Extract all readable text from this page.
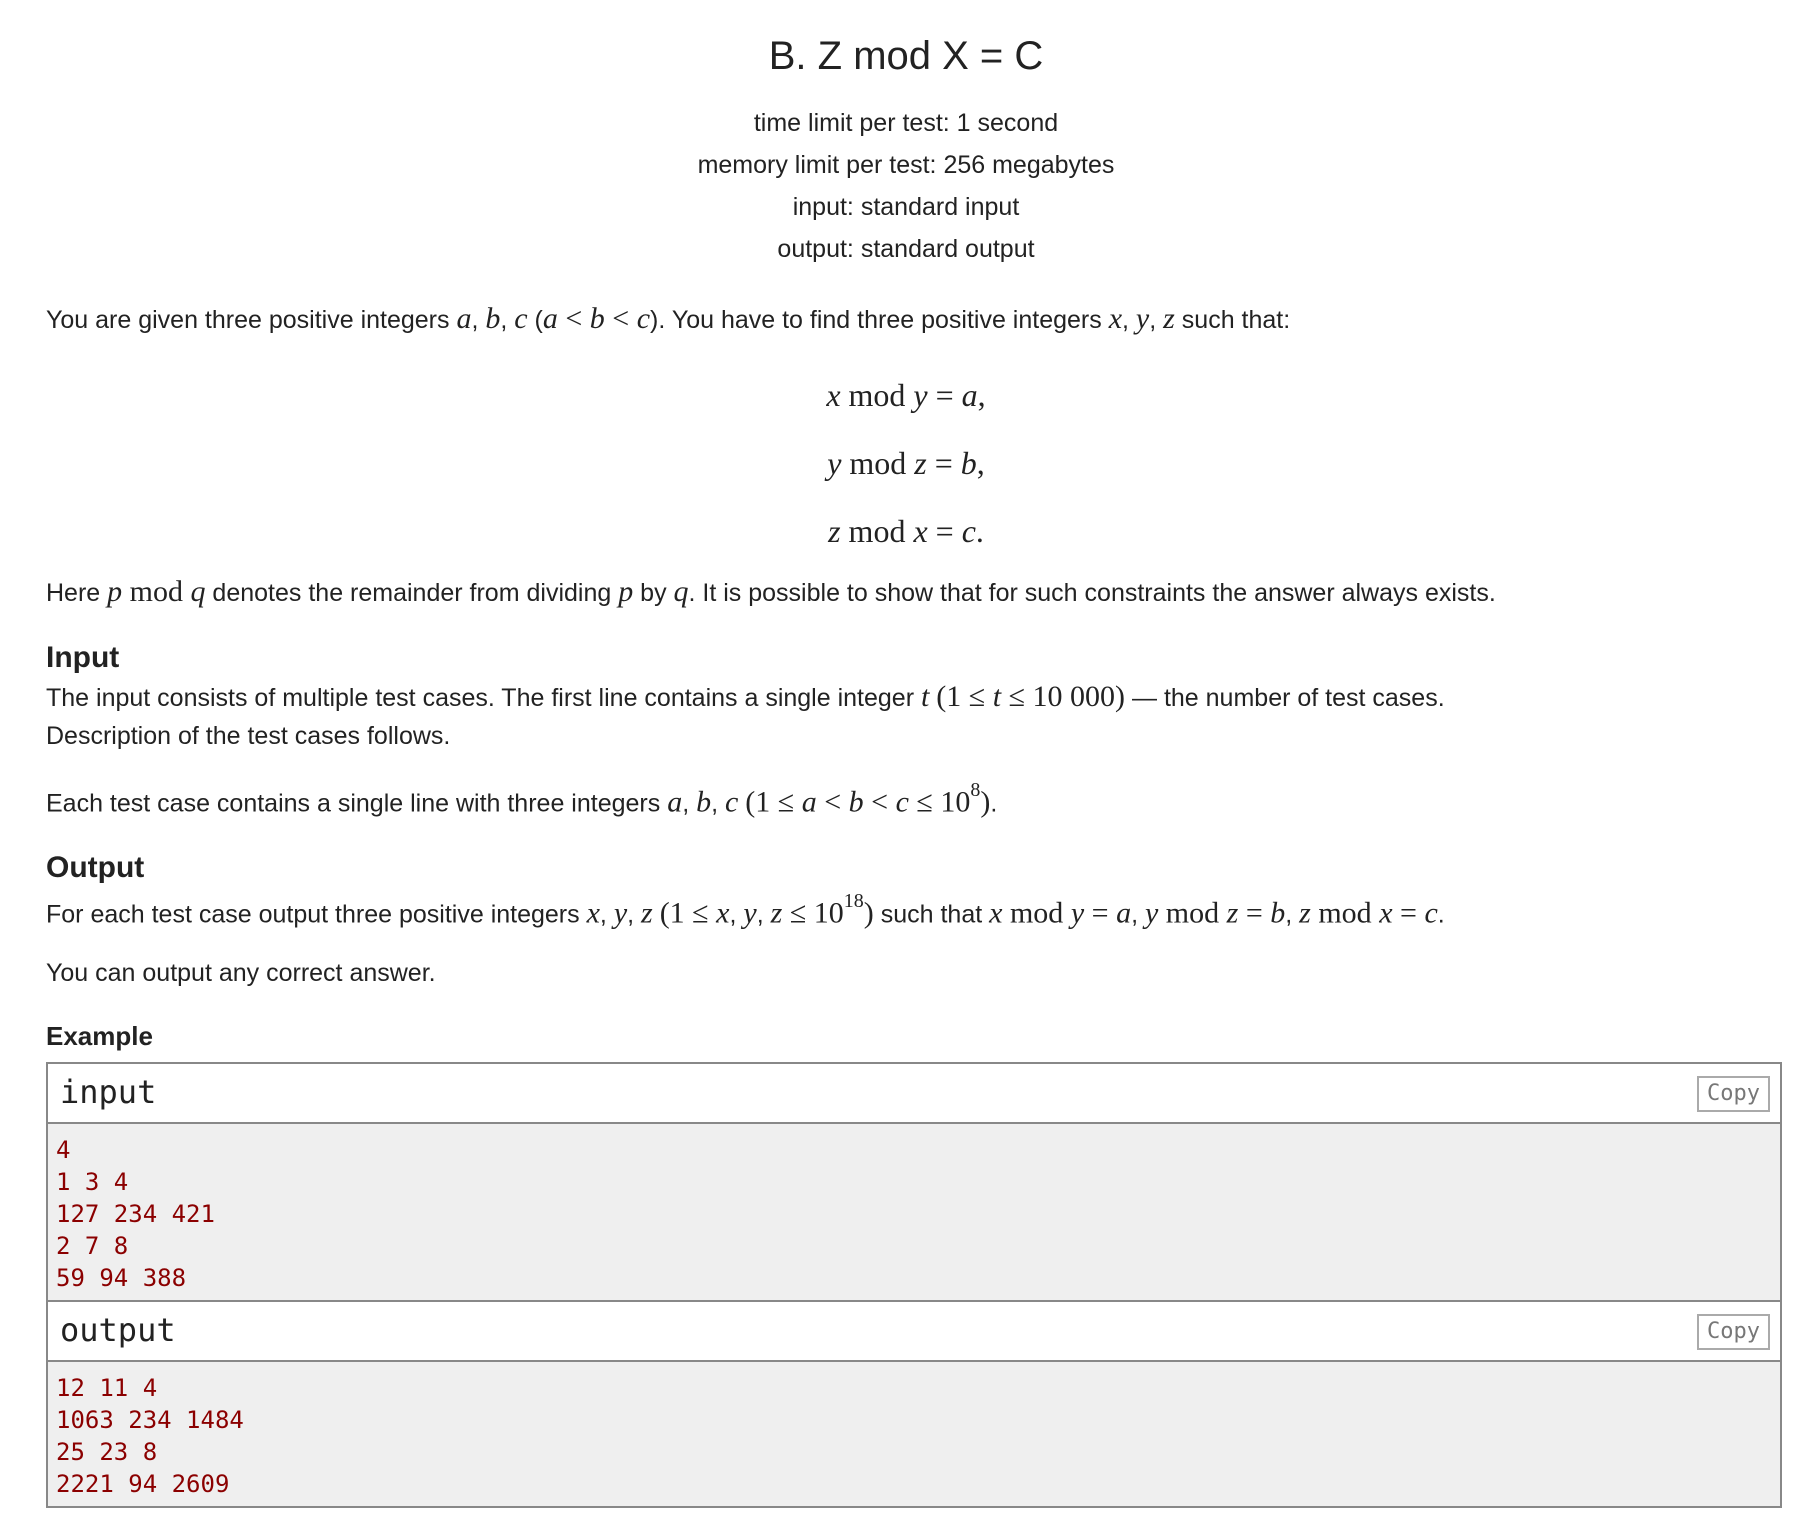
B. Z mod X = C
time limit per test: 1 second
memory limit per test: 256 megabytes
input: standard input
output: standard output

You are given three positive integers a, b, c (a < b < c). You have to find three positive integers x, y, z such that:

x mod y = a,
y mod z = b,
z mod x = c.

Here p mod q denotes the remainder from dividing p by q. It is possible to show that for such constraints the answer always exists.

Input

The input consists of multiple test cases. The first line contains a single integer t (1 ≤ t ≤ 10 000) — the number of test cases.
Description of the test cases follows.

Each test case contains a single line with three integers a, b, c $(1 \le a < b < c \le 10^8)$.

Output

For each test case output three positive integers x, y, z (1 ≤ x, y, $z \le 10^{18}$) such that x mod y = a, y mod z = b, z mod x = c.

You can output any correct answer.

Example
input	Copy
4
1 3 4
127 234 421
2 7 8
59 94 388
output	Copy
12 11 4
1063 234 1484
25 23 8
2221 94 2609
